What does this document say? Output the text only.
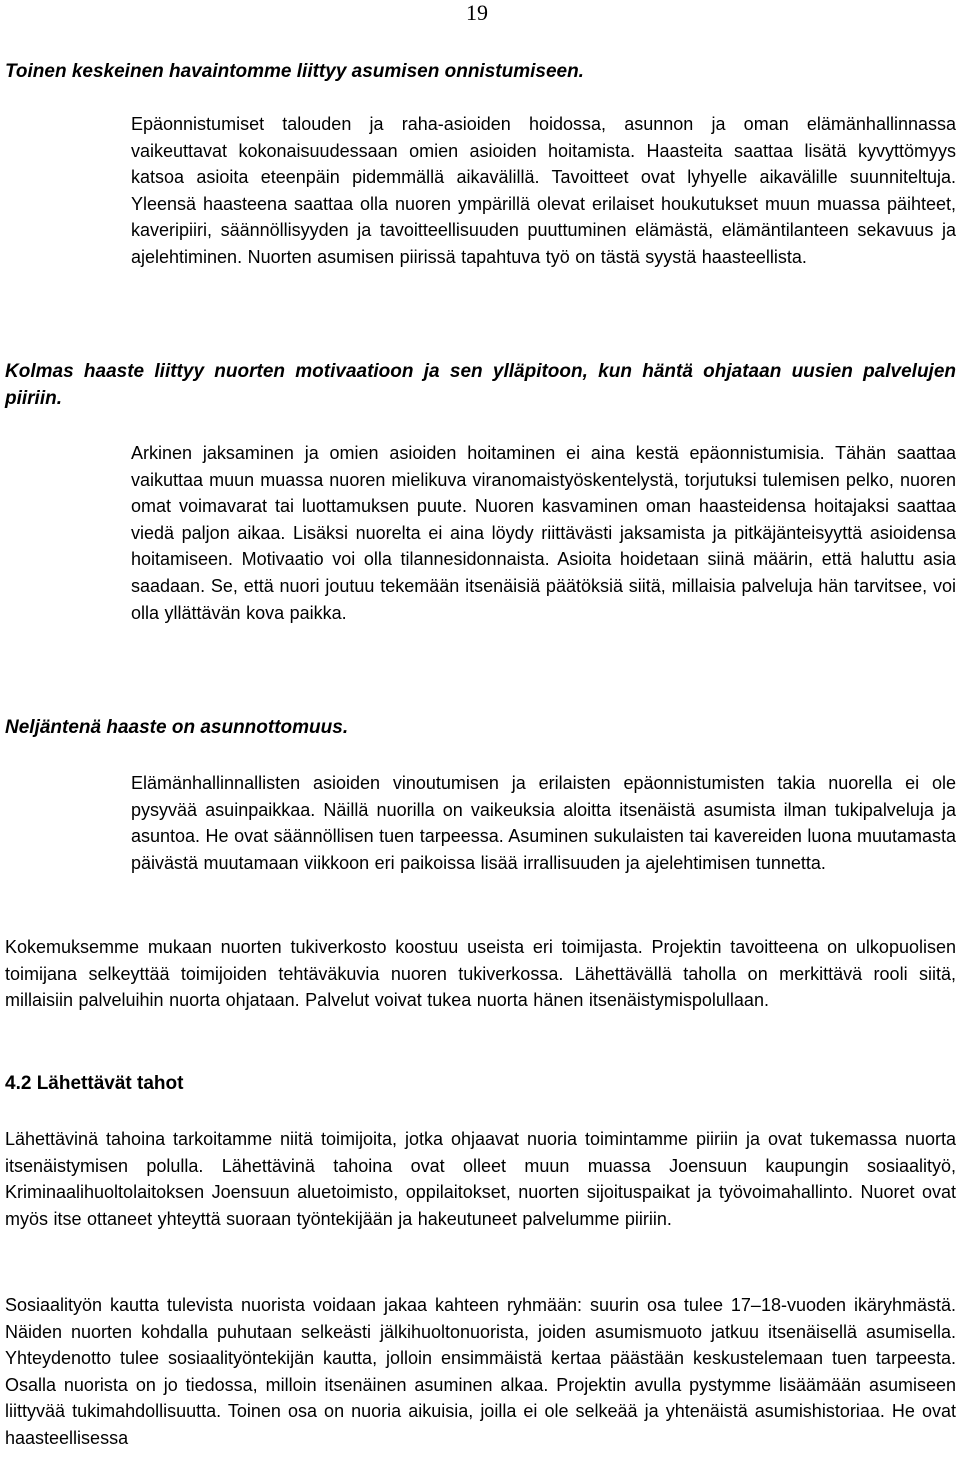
19
Toinen keskeinen havaintomme liittyy asumisen onnistumiseen.
Epäonnistumiset talouden ja raha-asioiden hoidossa, asunnon ja oman elämänhallinnassa vaikeuttavat kokonaisuudessaan omien asioiden hoitamista. Haasteita saattaa lisätä kyvyttömyys katsoa asioita eteenpäin pidemmällä aikavälillä. Tavoitteet ovat lyhyelle aikavälille suunniteltuja. Yleensä haasteena saattaa olla nuoren ympärillä olevat erilaiset houkutukset muun muassa päihteet, kaveripiiri, säännöllisyyden ja tavoitteellisuuden puuttuminen elämästä, elämäntilanteen sekavuus ja ajelehtiminen. Nuorten asumisen piirissä tapahtuva työ on tästä syystä haasteellista.
Kolmas haaste liittyy nuorten motivaatioon ja sen ylläpitoon, kun häntä ohjataan uusien palvelujen piiriin.
Arkinen jaksaminen ja omien asioiden hoitaminen ei aina kestä epäonnistumisia. Tähän saattaa vaikuttaa muun muassa nuoren mielikuva viranomaistyöskentelystä, torjutuksi tulemisen pelko, nuoren omat voimavarat tai luottamuksen puute. Nuoren kasvaminen oman haasteidensa hoitajaksi saattaa viedä paljon aikaa. Lisäksi nuorelta ei aina löydy riittävästi jaksamista ja pitkäjänteisyyttä asioidensa hoitamiseen. Motivaatio voi olla tilannesidonnaista. Asioita hoidetaan siinä määrin, että haluttu asia saadaan. Se, että nuori joutuu tekemään itsenäisiä päätöksiä siitä, millaisia palveluja hän tarvitsee, voi olla yllättävän kova paikka.
Neljäntenä haaste on asunnottomuus.
Elämänhallinnallisten asioiden vinoutumisen ja erilaisten epäonnistumisten takia nuorella ei ole pysyvää asuinpaikkaa. Näillä nuorilla on vaikeuksia aloitta itsenäistä asumista ilman tukipalveluja ja asuntoa. He ovat säännöllisen tuen tarpeessa. Asuminen sukulaisten tai kavereiden luona muutamasta päivästä muutamaan viikkoon eri paikoissa lisää irrallisuuden ja ajelehtimisen tunnetta.
Kokemuksemme mukaan nuorten tukiverkosto koostuu useista eri toimijasta. Projektin tavoitteena on ulkopuolisen toimijana selkeyttää toimijoiden tehtäväkuvia nuoren tukiverkossa. Lähettävällä taholla on merkittävä rooli siitä, millaisiin palveluihin nuorta ohjataan. Palvelut voivat tukea nuorta hänen itsenäistymispolullaan.
4.2 Lähettävät tahot
Lähettävinä tahoina tarkoitamme niitä toimijoita, jotka ohjaavat nuoria toimintamme piiriin ja ovat tukemassa nuorta itsenäistymisen polulla. Lähettävinä tahoina ovat olleet muun muassa Joensuun kaupungin sosiaalityö, Kriminaalihuoltolaitoksen Joensuun aluetoimisto, oppilaitokset, nuorten sijoituspaikat ja työvoimahallinto. Nuoret ovat myös itse ottaneet yhteyttä suoraan työntekijään ja hakeutuneet palvelumme piiriin.
Sosiaalityön kautta tulevista nuorista voidaan jakaa kahteen ryhmään: suurin osa tulee 17–18-vuoden ikäryhmästä. Näiden nuorten kohdalla puhutaan selkeästi jälkihuoltonuorista, joiden asumismuoto jatkuu itsenäisellä asumisella. Yhteydenotto tulee sosiaalityöntekijän kautta, jolloin ensimmäistä kertaa päästään keskustelemaan tuen tarpeesta. Osalla nuorista on jo tiedossa, milloin itsenäinen asuminen alkaa. Projektin avulla pystymme lisäämään asumiseen liittyvää tukimahdollisuutta. Toinen osa on nuoria aikuisia, joilla ei ole selkeää ja yhtenäistä asumishistoriaa. He ovat haasteellisessa
